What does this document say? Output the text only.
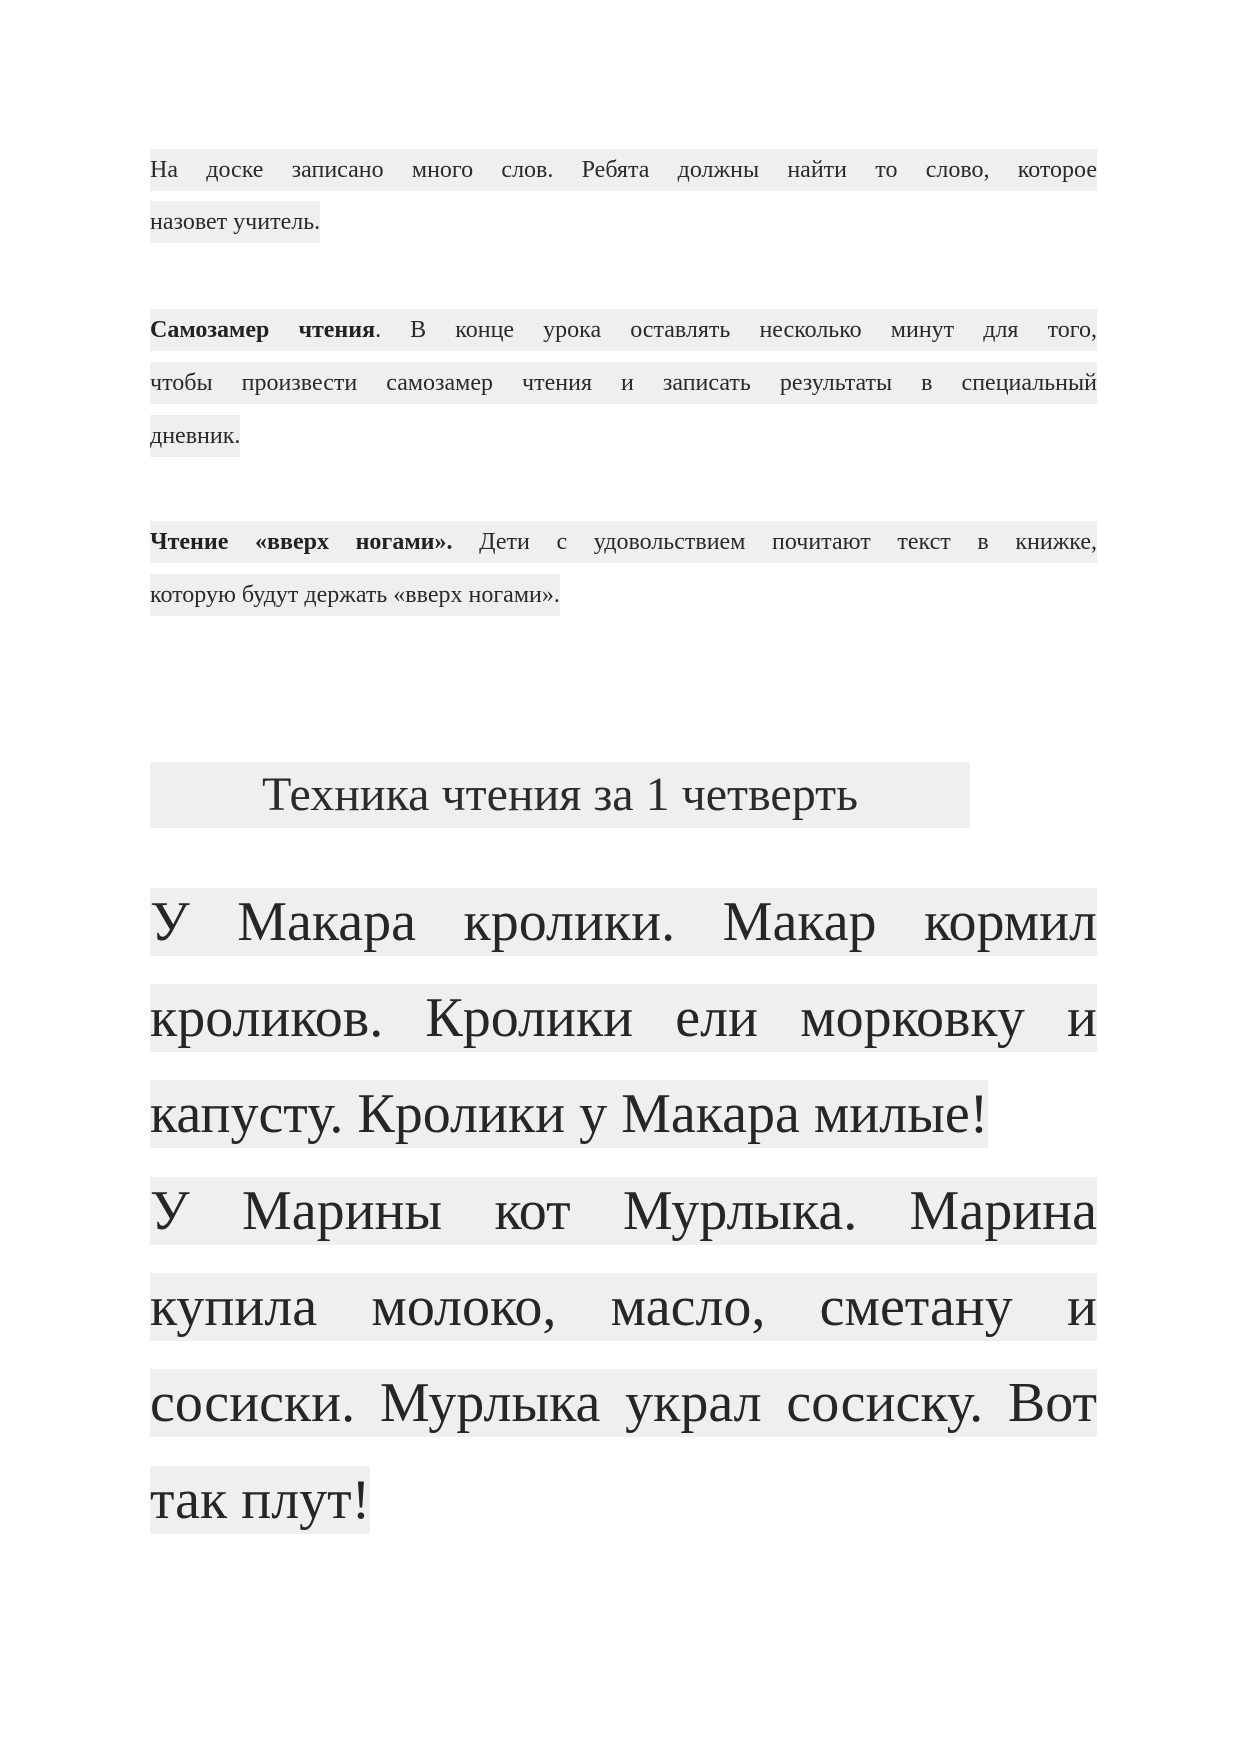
На доске записано много слов. Ребята должны найти то слово, которое
назовет учитель.
Самозамер чтения. В конце урока оставлять несколько минут для того,
чтобы произвести самозамер чтения и записать результаты в специальный
дневник.
Чтение «вверх ногами». Дети с удовольствием почитают текст в книжке,
которую будут держать «вверх ногами».
Техника чтения за 1 четверть
У Макара кролики. Макар кормил
кроликов. Кролики ели морковку и
капусту. Кролики у Макара милые!
У Марины кот Мурлыка. Марина
купила молоко, масло, сметану и
сосиски. Мурлыка украл сосиску. Вот
так плут!
